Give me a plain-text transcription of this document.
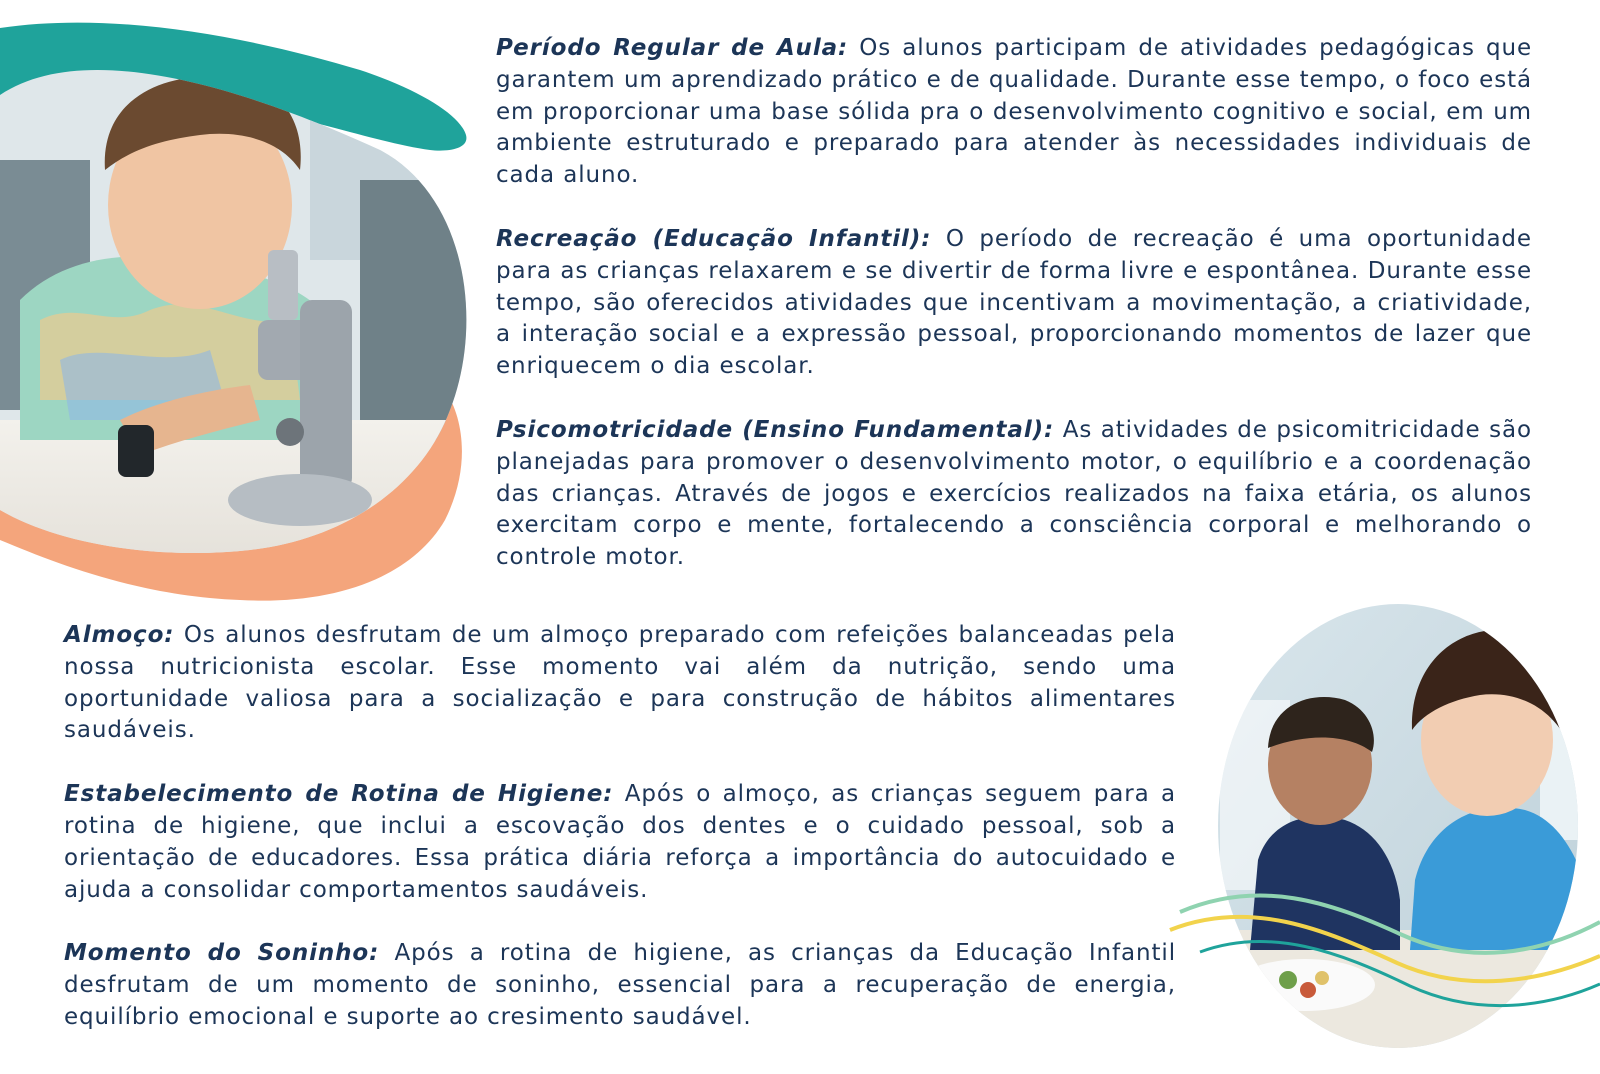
Período Regular de Aula: Os alunos participam de atividades pedagógicas que garantem um aprendizado prático e de qualidade. Durante esse tempo, o foco está em proporcionar uma base sólida pra o desenvolvimento cognitivo e social, em um ambiente estruturado e preparado para atender às necessidades individuais de cada aluno.

Recreação (Educação Infantil): O período de recreação é uma oportunidade para as crianças relaxarem e se divertir de forma livre e espontânea. Durante esse tempo, são oferecidos atividades que incentivam a movimentação, a criatividade, a interação social e a expressão pessoal, proporcionando momentos de lazer que enriquecem o dia escolar.

Psicomotricidade (Ensino Fundamental): As atividades de psicomitricidade são planejadas para promover o desenvolvimento motor, o equilíbrio e a coordenação das crianças. Através de jogos e exercícios realizados na faixa etária, os alunos exercitam corpo e mente, fortalecendo a consciência corporal e melhorando o controle motor.

Almoço: Os alunos desfrutam de um almoço preparado com refeições balanceadas pela nossa nutricionista escolar. Esse momento vai além da nutrição, sendo uma oportunidade valiosa para a socialização e para construção de hábitos alimentares saudáveis.

Estabelecimento de Rotina de Higiene: Após o almoço, as crianças seguem para a rotina de higiene, que inclui a escovação dos dentes e o cuidado pessoal, sob a orientação de educadores. Essa prática diária reforça a importância do autocuidado e ajuda a consolidar comportamentos saudáveis.

Momento do Soninho: Após a rotina de higiene, as crianças da Educação Infantil desfrutam de um momento de soninho, essencial para a recuperação de energia, equilíbrio emocional e suporte ao cresimento saudável.
